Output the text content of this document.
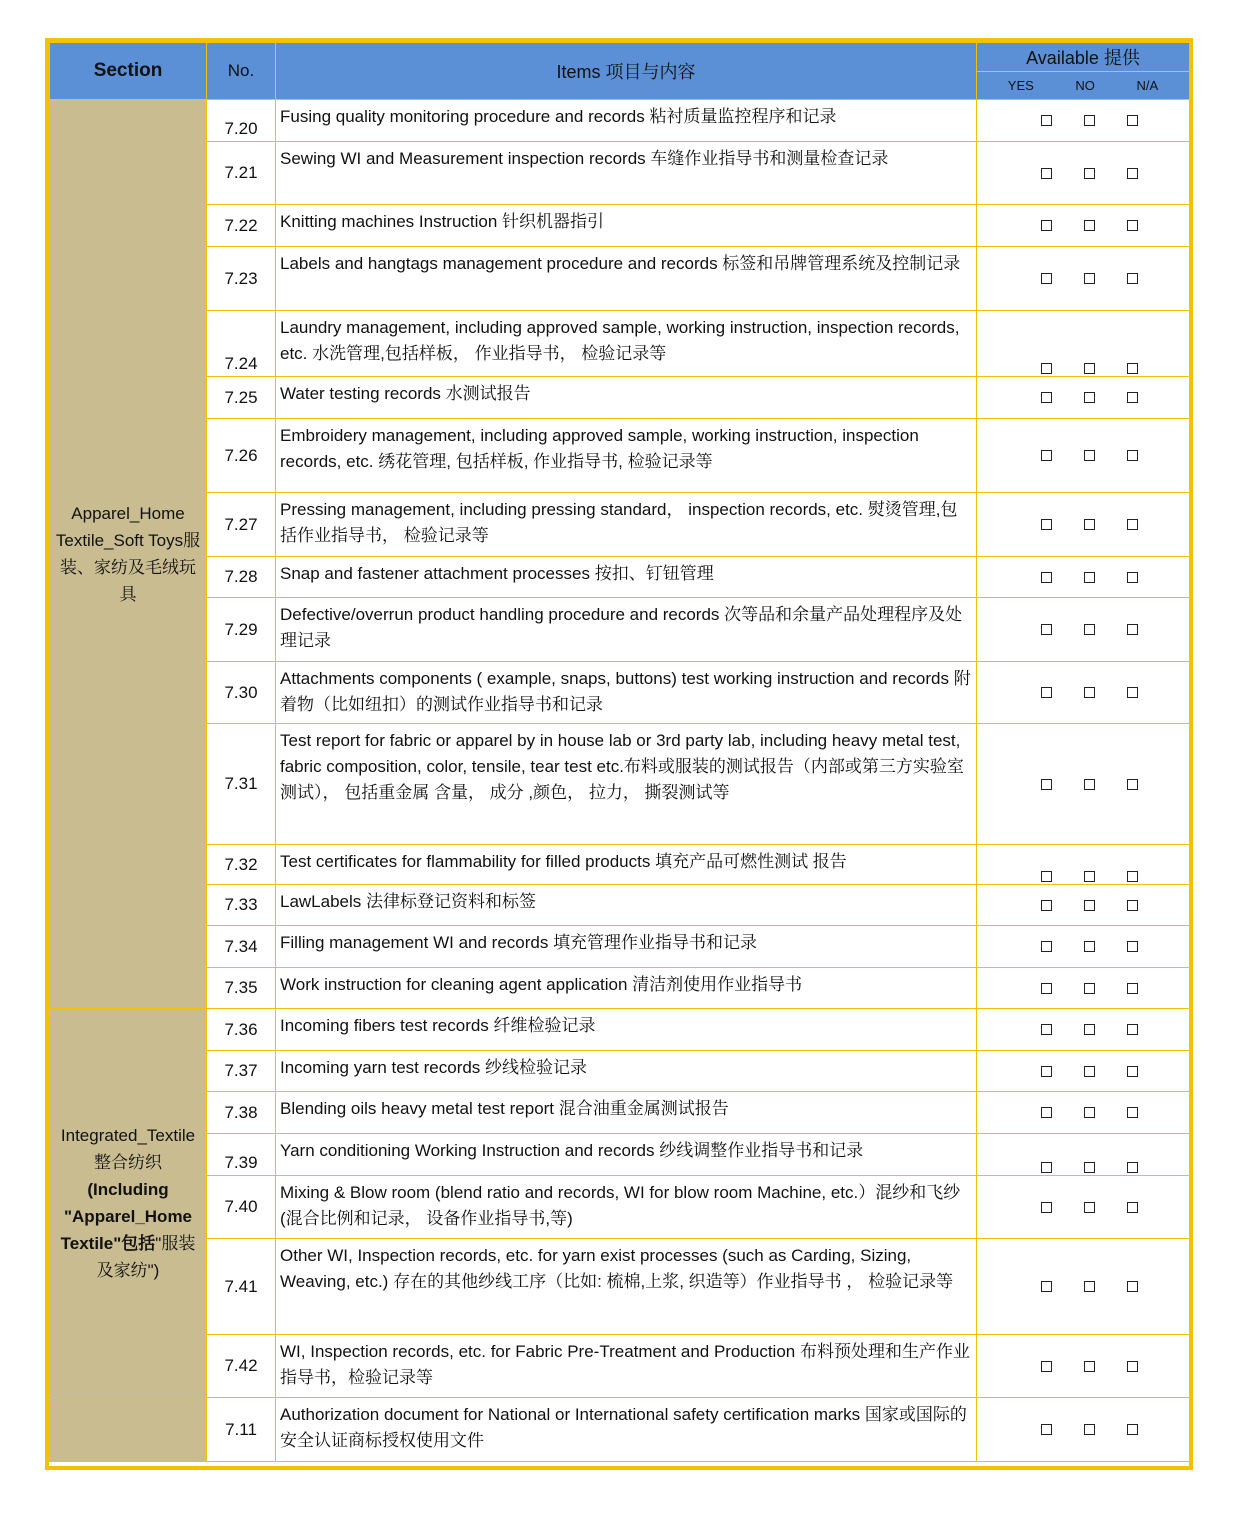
Section	No.	Items 项目与内容	Available 提供

			YES NO N/A

Apparel_Home Textile_Soft Toys服装、家纺及毛绒玩具	7.20	Fusing quality monitoring procedure and records 粘衬质量监控程序和记录	

	7.21	Sewing WI and Measurement inspection records 车缝作业指导书和测量检查记录	

	7.22	Knitting machines Instruction 针织机器指引	

	7.23	Labels and hangtags management procedure and records 标签和吊牌管理系统及控制记录	

	7.24	Laundry management, including approved sample, working instruction, inspection records, etc. 水洗管理,包括样板， 作业指导书， 检验记录等	

	7.25	Water testing records 水测试报告	

	7.26	Embroidery management, including approved sample, working instruction, inspection records, etc. 绣花管理, 包括样板, 作业指导书, 检验记录等	

	7.27	Pressing management, including pressing standard， inspection records, etc. 熨烫管理,包括作业指导书， 检验记录等	

	7.28	Snap and fastener attachment processes 按扣、钉钮管理	

	7.29	Defective/overrun product handling procedure and records 次等品和余量产品处理程序及处理记录	

	7.30	Attachments components ( example, snaps, buttons) test working instruction and records 附着物（比如纽扣）的测试作业指导书和记录	

	7.31	Test report for fabric or apparel by in house lab or 3rd party lab, including heavy metal test, fabric composition, color, tensile, tear test etc.布料或服装的测试报告（内部或第三方实验室测试）， 包括重金属 含量， 成分 ,颜色， 拉力， 撕裂测试等	

	7.32	Test certificates for flammability for filled products 填充产品可燃性测试 报告	

	7.33	LawLabels 法律标登记资料和标签	

	7.34	Filling management WI and records 填充管理作业指导书和记录	

	7.35	Work instruction for cleaning agent application 清洁剂使用作业指导书	

Integrated_Textile 整合纺织
(Including "Apparel_Home Textile"包括"服装及家纺")	7.36	Incoming fibers test records 纤维检验记录	

	7.37	Incoming yarn test records 纱线检验记录	

	7.38	Blending oils heavy metal test report 混合油重金属测试报告	

	7.39	Yarn conditioning Working Instruction and records 纱线调整作业指导书和记录	

	7.40	Mixing & Blow room (blend ratio and records, WI for blow room Machine, etc.）混纱和飞纱(混合比例和记录， 设备作业指导书,等)	

	7.41	Other WI, Inspection records, etc. for yarn exist processes (such as Carding, Sizing, Weaving, etc.) 存在的其他纱线工序（比如: 梳棉,上浆, 织造等）作业指导书 ， 检验记录等	

	7.42	WI, Inspection records, etc. for Fabric Pre-Treatment and Production 布料预处理和生产作业指导书，检验记录等	

	7.11	Authorization document for National or International safety certification marks 国家或国际的安全认证商标授权使用文件	
